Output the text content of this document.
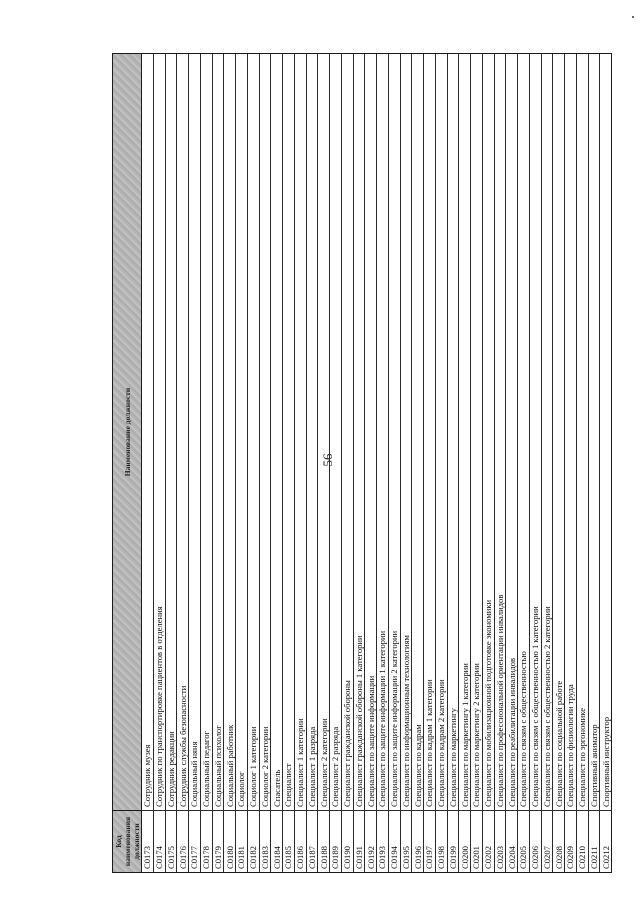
56
Код наименования должности
Наименование должности
С0173
Сотрудник музея
С0174
Сотрудник по транспортировке пациентов в отделения
С0175
Сотрудник редакции
С0176
Сотрудник службы безопасности
С0177
Социальный няня
С0178
Социальный педагог
С0179
Социальный психолог
С0180
Социальный работник
С0181
Социолог
С0182
Социолог 1 категории
С0183
Социолог 2 категории
С0184
Спасатель
С0185
Специалист
С0186
Специалист 1 категории
С0187
Специалист 1 разряда
С0188
Специалист 2 категории
С0189
Специалист 2 разряда
С0190
Специалист гражданской обороны
С0191
Специалист гражданской обороны 1 категории
С0192
Специалист по защите информации
С0193
Специалист по защите информации 1 категории
С0194
Специалист по защите информации 2 категории
С0195
Специалист по информационным технологиям
С0196
Специалист по кадрам
С0197
Специалист по кадрам 1 категории
С0198
Специалист по кадрам 2 категории
С0199
Специалист по маркетингу
С0200
Специалист по маркетингу 1 категории
С0201
Специалист по маркетингу 2 категории
С0202
Специалист по мобилизационной подготовке экономики
С0203
Специалист по профессиональной ориентации инвалидов
С0204
Специалист по реабилитации инвалидов
С0205
Специалист по связям с общественностью
С0206
Специалист по связям с общественностью 1 категории
С0207
Специалист по связям с общественностью 2 категории
С0208
Специалист по социальной работе
С0209
Специалист по физиологии труда
С0210
Специалист по эргономике
С0211
Спортивный аниматор
С0212
Спортивный инструктор
